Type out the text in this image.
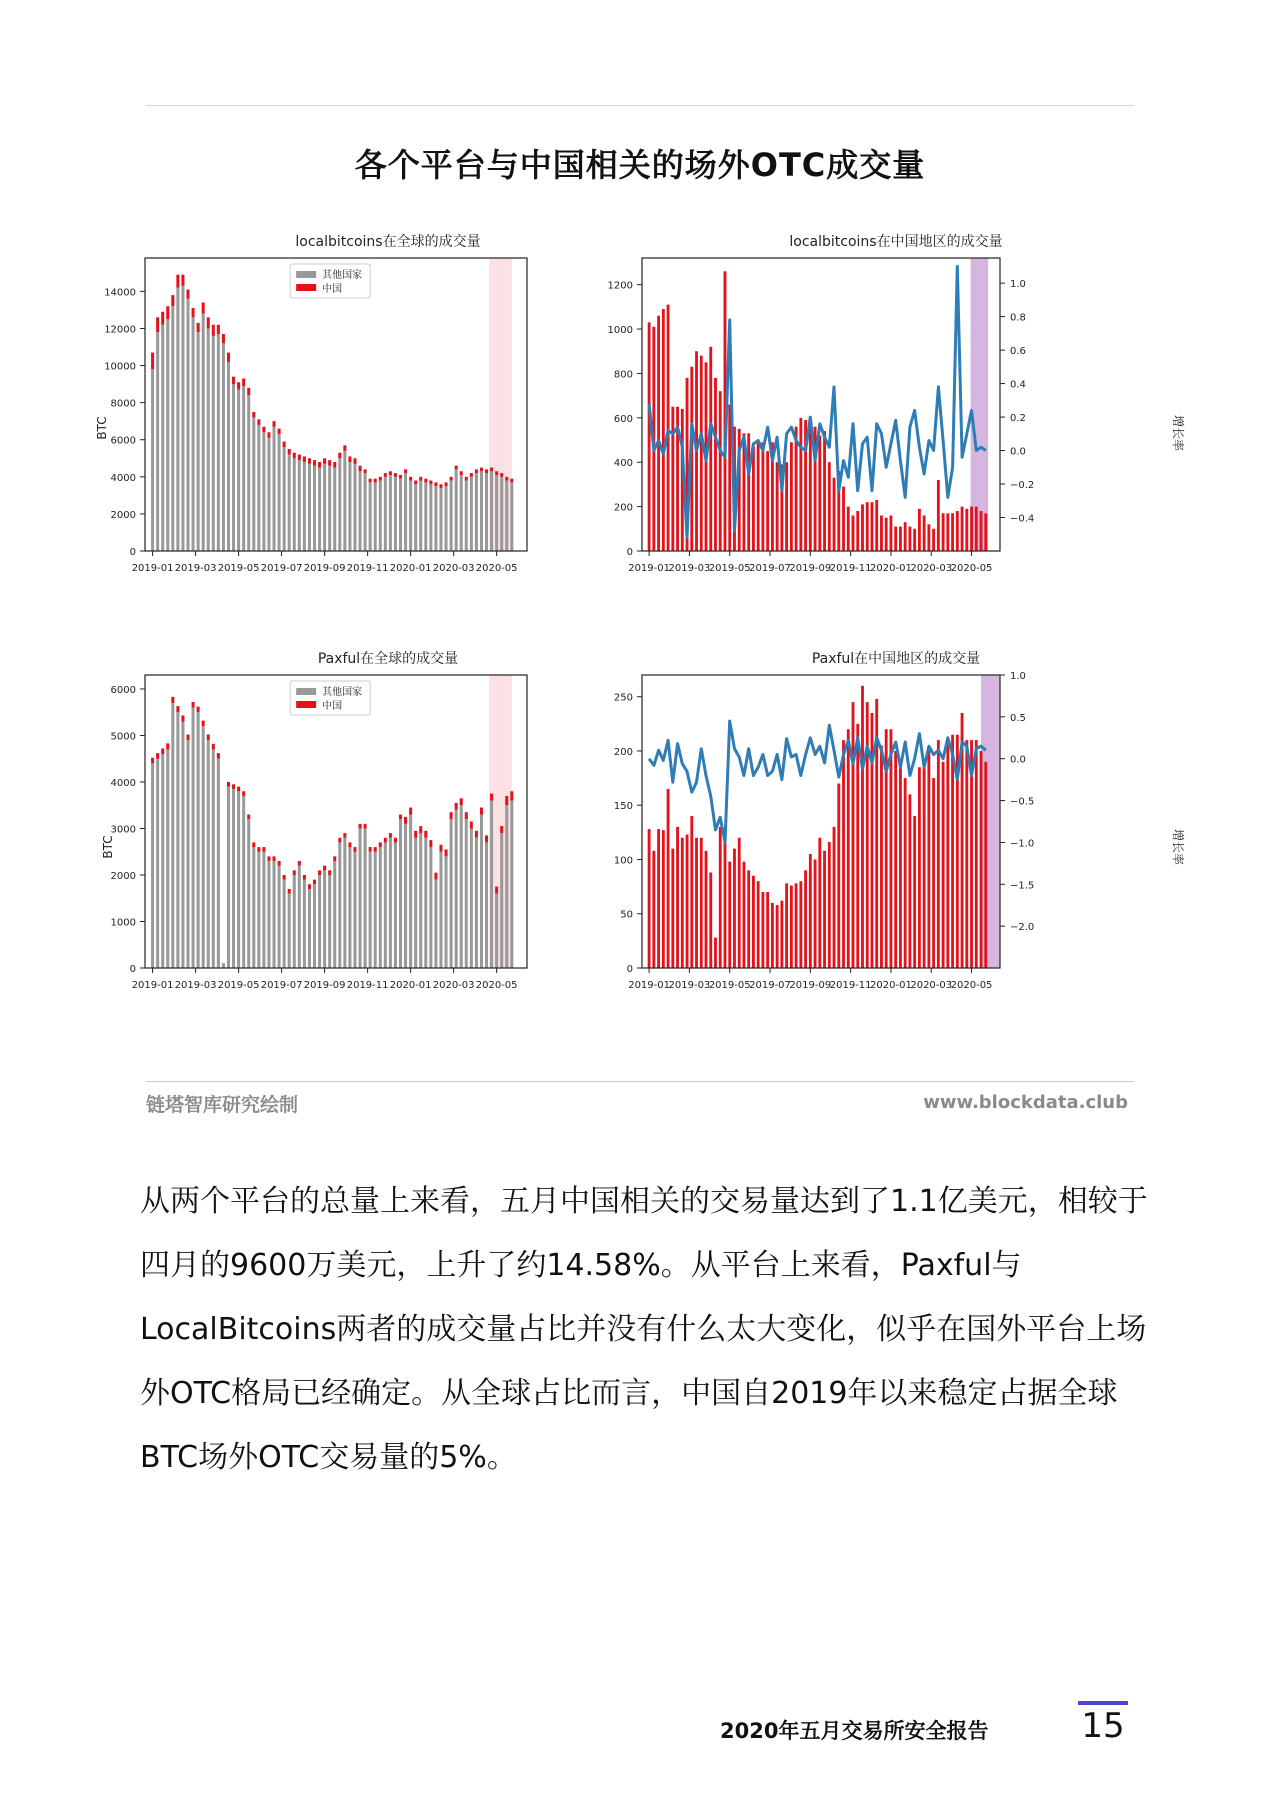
各个平台与中国相关的场外OTC成交量
localbitcoins在全球的成交量
BTC
0
2000
4000
6000
8000
10000
12000
14000
2019-01 2019-03 2019-05 2019-07 2019-09 2019-11 2020-01 2020-03 2020-05
其他国家
中国
localbitcoins在中国地区的成交量
增长率
−0.4
−0.2
0.0
0.2
0.4
0.6
0.8
1.0
0
200
400
600
800
1000
1200
2019-01
2019-03
2019-05
2019-07
2019-09
2019-11
2020-01
2020-03
2020-05
Paxful在全球的成交量
BTC
0
1000
2000
3000
4000
5000
6000
2019-01 2019-03 2019-05 2019-07 2019-09 2019-11 2020-01 2020-03 2020-05
其他国家
中国
Paxful在中国地区的成交量
增长率
−2.0
−1.5
−1.0
−0.5
0.0
0.5
1.0
0
50
100
150
200
250
2019-01
2019-03
2019-05
2019-07
2019-09
2019-11
2020-01
2020-03
2020-05
链塔智库研究绘制	www.blockdata.club
从两个平台的总量上来看，五月中国相关的交易量达到了1.1亿美元，相较于四月的9600万美元，上升了约14.58%。从平台上来看，Paxful与LocalBitcoins两者的成交量占比并没有什么太大变化，似乎在国外平台上场外OTC格局已经确定。从全球占比而言，中国自2019年以来稳定占据全球BTC场外OTC交易量的5%。
2020年五月交易所安全报告	15
